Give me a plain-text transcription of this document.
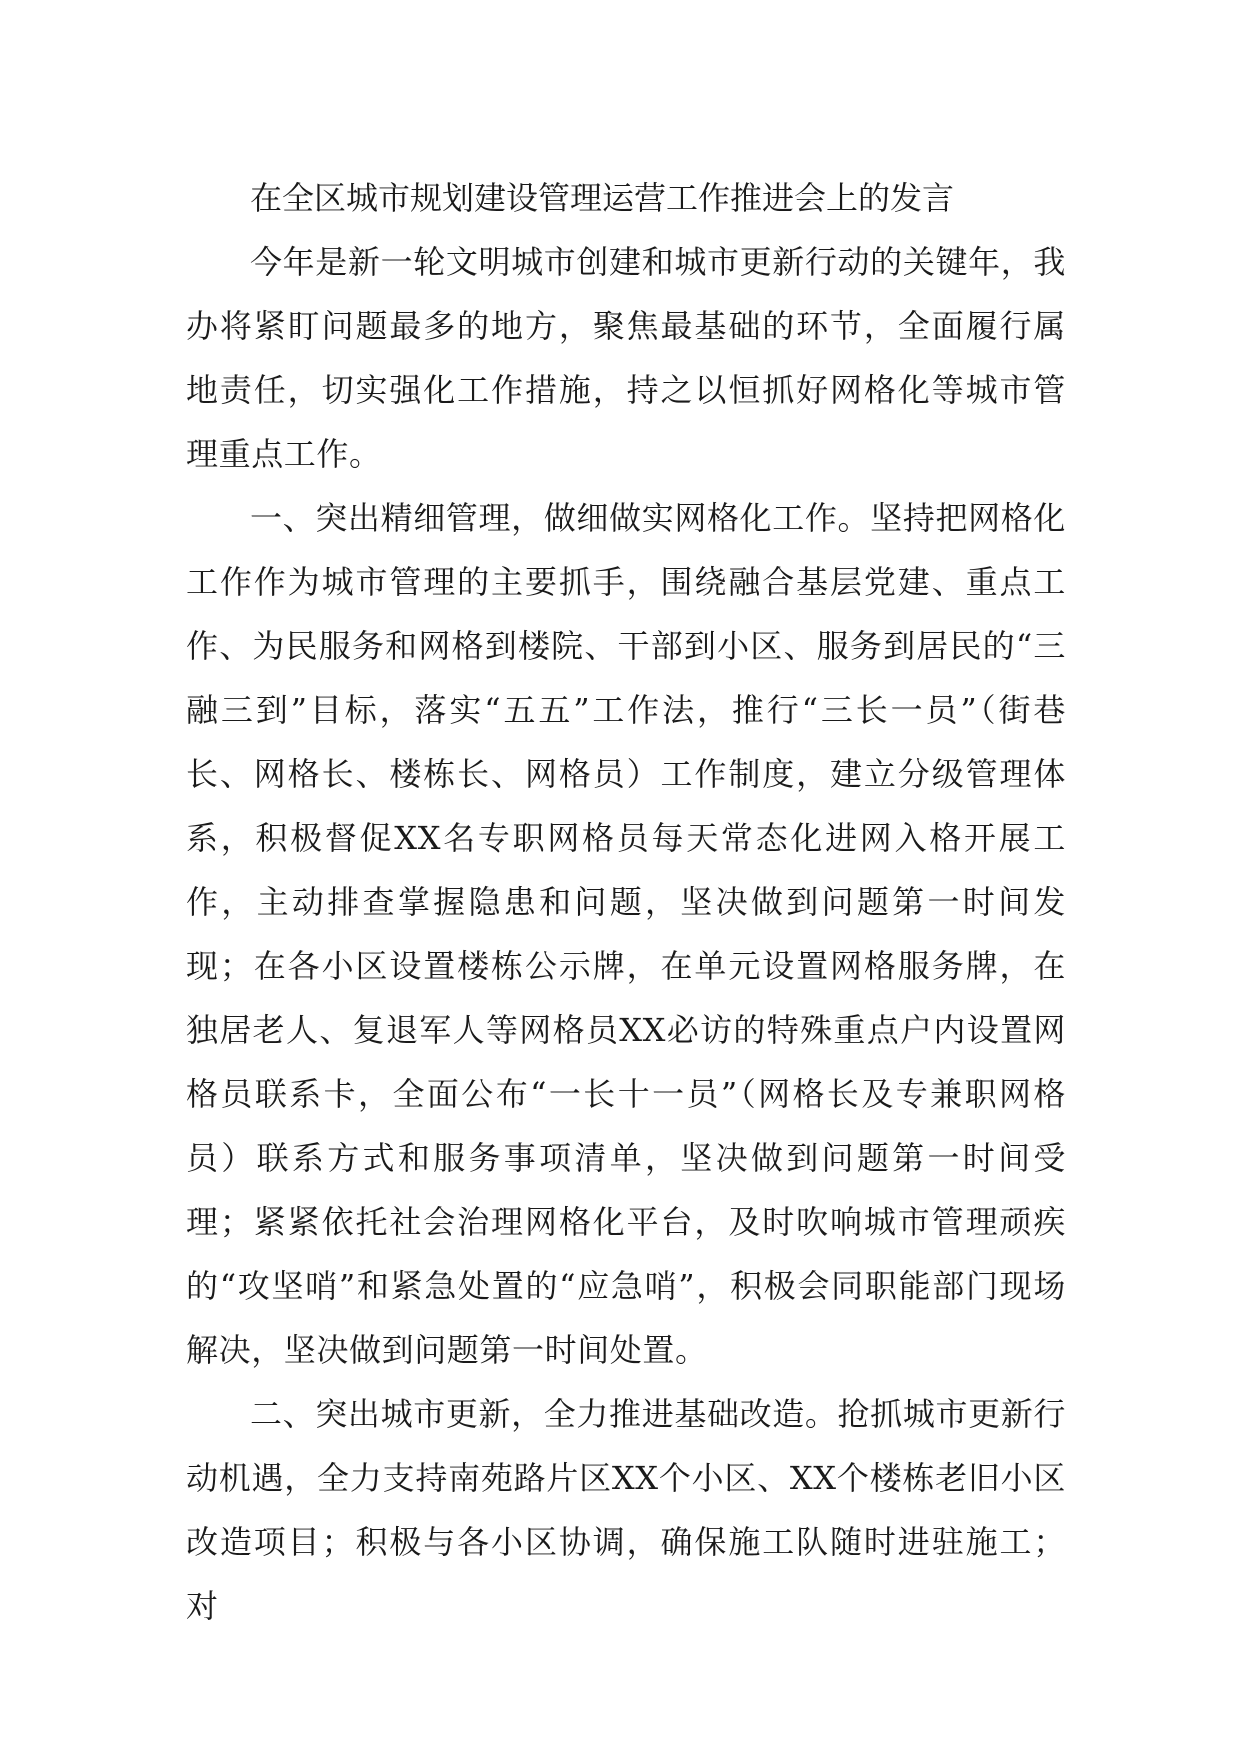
在全区城市规划建设管理运营工作推进会上的发言

今年是新一轮文明城市创建和城市更新行动的关键年，我办将紧盯问题最多的地方，聚焦最基础的环节，全面履行属地责任，切实强化工作措施，持之以恒抓好网格化等城市管理重点工作。

一、突出精细管理，做细做实网格化工作。坚持把网格化工作作为城市管理的主要抓手，围绕融合基层党建、重点工作、为民服务和网格到楼院、干部到小区、服务到居民的“三融三到”目标，落实“五五”工作法，推行“三长一员”（街巷长、网格长、楼栋长、网格员）工作制度，建立分级管理体系，积极督促XX名专职网格员每天常态化进网入格开展工作，主动排查掌握隐患和问题，坚决做到问题第一时间发现；在各小区设置楼栋公示牌，在单元设置网格服务牌，在独居老人、复退军人等网格员XX必访的特殊重点户内设置网格员联系卡，全面公布“一长十一员”（网格长及专兼职网格员）联系方式和服务事项清单，坚决做到问题第一时间受理；紧紧依托社会治理网格化平台，及时吹响城市管理顽疾的“攻坚哨”和紧急处置的“应急哨”，积极会同职能部门现场解决，坚决做到问题第一时间处置。

二、突出城市更新，全力推进基础改造。抢抓城市更新行动机遇，全力支持南苑路片区XX个小区、XX个楼栋老旧小区改造项目；积极与各小区协调，确保施工队随时进驻施工；对
